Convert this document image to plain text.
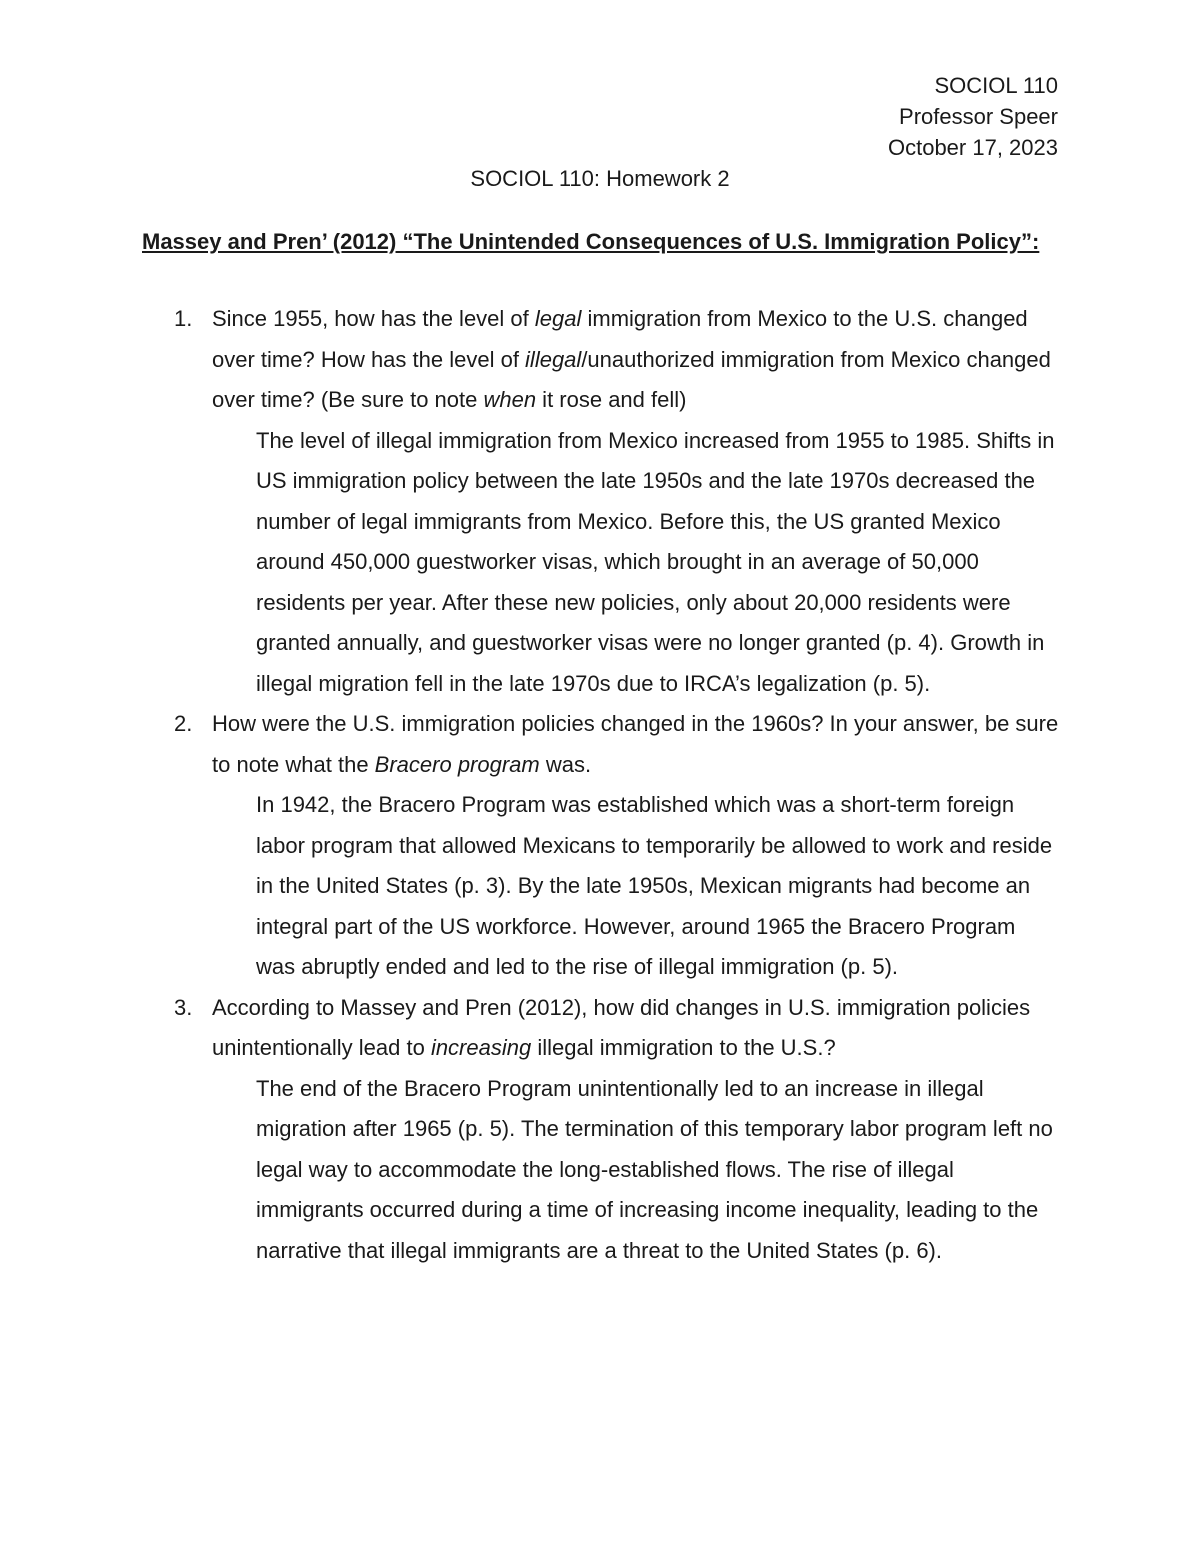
SOCIOL 110
Professor Speer
October 17, 2023
SOCIOL 110: Homework 2
Massey and Pren’ (2012) “The Unintended Consequences of U.S. Immigration Policy”:
1. Since 1955, how has the level of legal immigration from Mexico to the U.S. changed over time? How has the level of illegal/unauthorized immigration from Mexico changed over time? (Be sure to note when it rose and fell)
The level of illegal immigration from Mexico increased from 1955 to 1985. Shifts in US immigration policy between the late 1950s and the late 1970s decreased the number of legal immigrants from Mexico. Before this, the US granted Mexico around 450,000 guestworker visas, which brought in an average of 50,000 residents per year. After these new policies, only about 20,000 residents were granted annually, and guestworker visas were no longer granted (p. 4). Growth in illegal migration fell in the late 1970s due to IRCA’s legalization (p. 5).
2. How were the U.S. immigration policies changed in the 1960s? In your answer, be sure to note what the Bracero program was.
In 1942, the Bracero Program was established which was a short-term foreign labor program that allowed Mexicans to temporarily be allowed to work and reside in the United States (p. 3). By the late 1950s, Mexican migrants had become an integral part of the US workforce. However, around 1965 the Bracero Program was abruptly ended and led to the rise of illegal immigration (p. 5).
3. According to Massey and Pren (2012), how did changes in U.S. immigration policies unintentionally lead to increasing illegal immigration to the U.S.?
The end of the Bracero Program unintentionally led to an increase in illegal migration after 1965 (p. 5). The termination of this temporary labor program left no legal way to accommodate the long-established flows. The rise of illegal immigrants occurred during a time of increasing income inequality, leading to the narrative that illegal immigrants are a threat to the United States (p. 6).
